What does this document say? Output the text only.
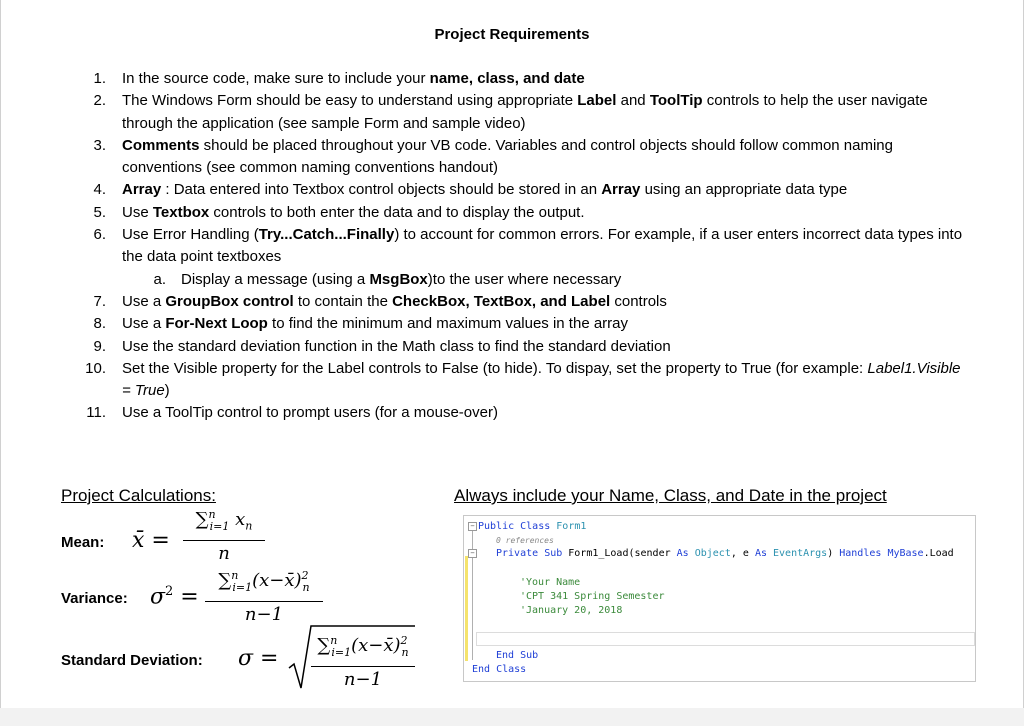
Project Requirements
1. In the source code, make sure to include your name, class, and date
2. The Windows Form should be easy to understand using appropriate Label and ToolTip controls to help the user navigate through the application (see sample Form and sample video)
3. Comments should be placed throughout your VB code. Variables and control objects should follow common naming conventions (see common naming conventions handout)
4. Array : Data entered into Textbox control objects should be stored in an Array using an appropriate data type
5. Use Textbox controls to both enter the data and to display the output.
6. Use Error Handling (Try...Catch...Finally) to account for common errors. For example, if a user enters incorrect data types into the data point textboxes
a. Display a message (using a MsgBox)to the user where necessary
7. Use a GroupBox control to contain the CheckBox, TextBox, and Label controls
8. Use a For-Next Loop to find the minimum and maximum values in the array
9. Use the standard deviation function in the Math class to find the standard deviation
10. Set the Visible property for the Label controls to False (to hide). To dispay, set the property to True (for example: Label1.Visible = True)
11. Use a ToolTip control to prompt users (for a mouse-over)
Project Calculations:
Mean: x̄ =
∑$^n_{i=1}$ $x_n$
n
Variance: $\sigma^2$ =
∑$^n_{i=1}$(x−x̄)$^2_n$
n−1
Standard Deviation: σ =
∑$^n_{i=1}$(x−x̄)$^2_n$
n−1
Always include your Name, Class, and Date in the project
−
−
Public Class Form1
0 references
Private Sub Form1_Load(sender As Object, e As EventArgs) Handles MyBase.Load
'Your Name
'CPT 341 Spring Semester
'January 20, 2018
End Sub
End Class
